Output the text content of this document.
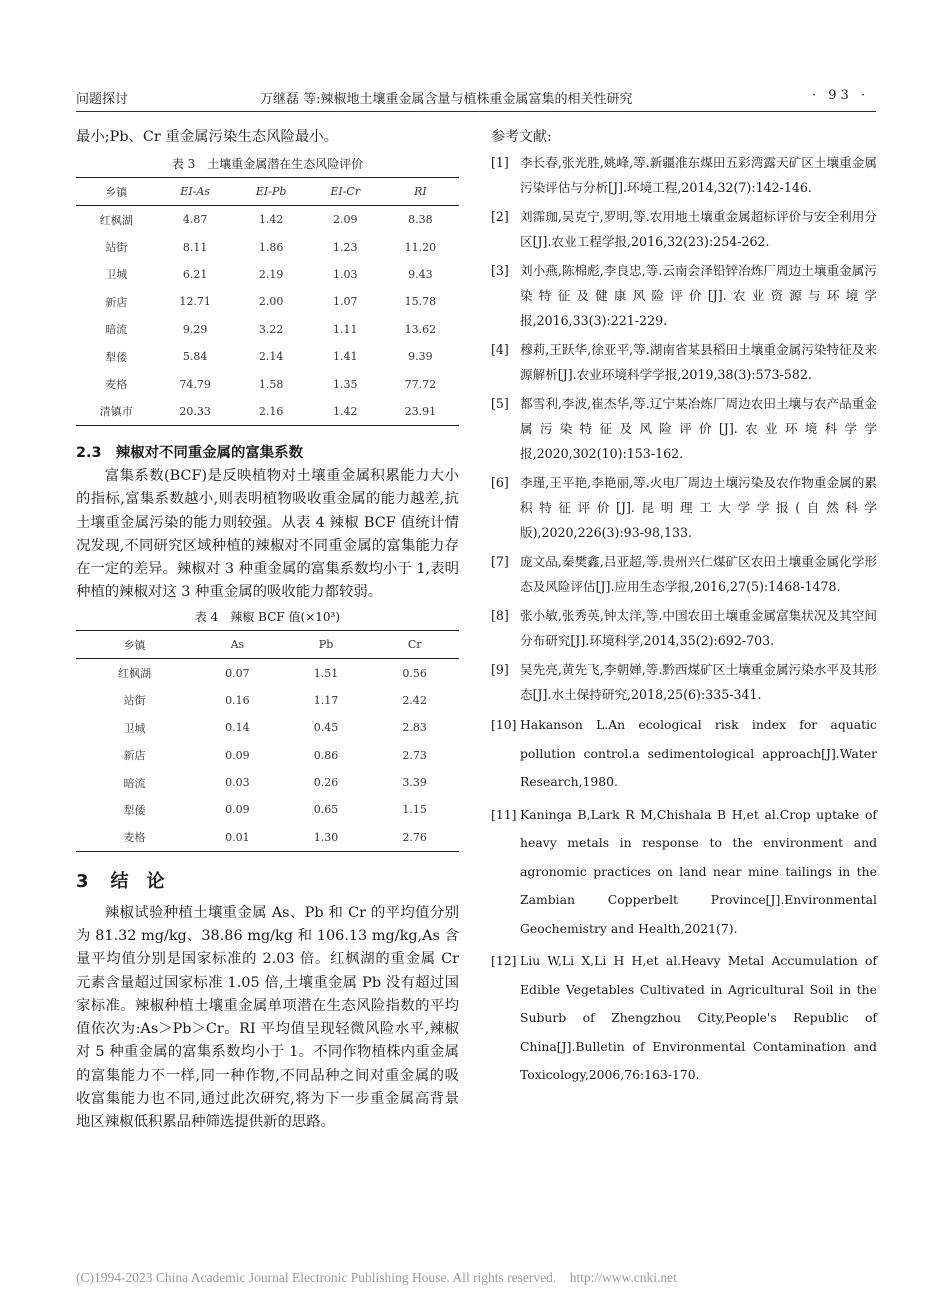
问题探讨	万继磊 等:辣椒地土壤重金属含量与植株重金属富集的相关性研究	· 93 ·

最小;Pb、Cr 重金属污染生态风险最小。

表 3　土壤重金属潜在生态风险评价
乡镇	EI-As	EI-Pb	EI-Cr	RI
红枫湖	4.87	1.42	2.09	8.38
站街	8.11	1.86	1.23	11.20
卫城	6.21	2.19	1.03	9.43
新店	12.71	2.00	1.07	15.78
暗流	9.29	3.22	1.11	13.62
犁倭	5.84	2.14	1.41	9.39
麦格	74.79	1.58	1.35	77.72
清镇市	20.33	2.16	1.42	23.91

2.3　辣椒对不同重金属的富集系数

富集系数(BCF)是反映植物对土壤重金属积累能力大小的指标,富集系数越小,则表明植物吸收重金属的能力越差,抗土壤重金属污染的能力则较强。从表 4 辣椒 BCF 值统计情况发现,不同研究区域种植的辣椒对不同重金属的富集能力存在一定的差异。辣椒对 3 种重金属的富集系数均小于 1,表明种植的辣椒对这 3 种重金属的吸收能力都较弱。

表 4　辣椒 BCF 值(×10³)
乡镇	As	Pb	Cr
红枫湖	0.07	1.51	0.56
站街	0.16	1.17	2.42
卫城	0.14	0.45	2.83
新店	0.09	0.86	2.73
暗流	0.03	0.26	3.39
犁倭	0.09	0.65	1.15
麦格	0.01	1.30	2.76

3 结　论

辣椒试验种植土壤重金属 As、Pb 和 Cr 的平均值分别为 81.32 mg/kg、38.86 mg/kg 和 106.13 mg/kg,As 含量平均值分别是国家标准的 2.03 倍。红枫湖的重金属 Cr 元素含量超过国家标准 1.05 倍,土壤重金属 Pb 没有超过国家标准。辣椒种植土壤重金属单项潜在生态风险指数的平均值依次为:As＞Pb＞Cr。RI 平均值呈现轻微风险水平,辣椒对 5 种重金属的富集系数均小于 1。不同作物植株内重金属的富集能力不一样,同一种作物,不同品种之间对重金属的吸收富集能力也不同,通过此次研究,将为下一步重金属高背景地区辣椒低积累品种筛选提供新的思路。

参考文献:

[1] 李长春,张光胜,姚峰,等.新疆准东煤田五彩湾露天矿区土壤重金属污染评估与分析[J].环境工程,2014,32(7):142-146.

[2] 刘霈珈,吴克宁,罗明,等.农用地土壤重金属超标评价与安全利用分区[J].农业工程学报,2016,32(23):254-262.

[3] 刘小燕,陈棉彪,李良忠,等.云南会泽铅锌冶炼厂周边土壤重金属污染特征及健康风险评价[J].农业资源与环境学报,2016,33(3):221-229.

[4] 穆莉,王跃华,徐亚平,等.湖南省某县稻田土壤重金属污染特征及来源解析[J].农业环境科学学报,2019,38(3):573-582.

[5] 都雪利,李波,崔杰华,等.辽宁某冶炼厂周边农田土壤与农产品重金属污染特征及风险评价[J].农业环境科学学报,2020,302(10):153-162.

[6] 李瑾,王平艳,李艳丽,等.火电厂周边土壤污染及农作物重金属的累积特征评价[J].昆明理工大学学报(自然科学版),2020,226(3):93-98,133.

[7] 庞文品,秦樊鑫,吕亚超,等.贵州兴仁煤矿区农田土壤重金属化学形态及风险评估[J].应用生态学报,2016,27(5):1468-1478.

[8] 张小敏,张秀英,钟太洋,等.中国农田土壤重金属富集状况及其空间分布研究[J].环境科学,2014,35(2):692-703.

[9] 吴先亮,黄先飞,李朝婵,等.黔西煤矿区土壤重金属污染水平及其形态[J].水土保持研究,2018,25(6):335-341.

[10] Hakanson L.An ecological risk index for aquatic pollution control.a sedimentological approach[J].Water Research,1980.

[11] Kaninga B,Lark R M,Chishala B H,et al.Crop uptake of heavy metals in response to the environment and agronomic practices on land near mine tailings in the Zambian Copperbelt Province[J].Environmental Geochemistry and Health,2021(7).

[12] Liu W,Li X,Li H H,et al.Heavy Metal Accumulation of Edible Vegetables Cultivated in Agricultural Soil in the Suburb of Zhengzhou City,People's Republic of China[J].Bulletin of Environmental Contamination and Toxicology,2006,76:163-170.

(C)1994-2023 China Academic Journal Electronic Publishing House. All rights reserved.　http://www.cnki.net
